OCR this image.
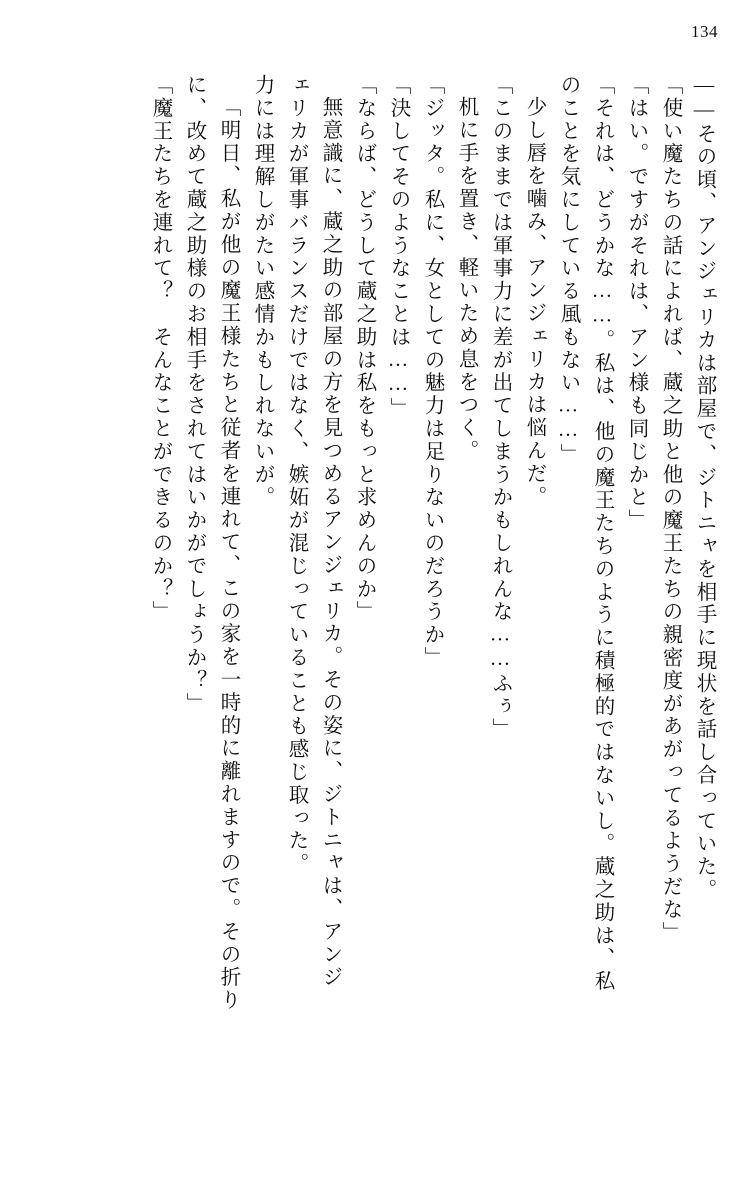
134
――その頃、アンジェリカは部屋で、ジトニャを相手に現状を話し合っていた。
「使い魔たちの話によれば、蔵之助と他の魔王たちの親密度があがってるようだな」
「はい。ですがそれは、アン様も同じかと」
「それは、どうかな……。私は、他の魔王たちのように積極的ではないし。蔵之助は、私
のことを気にしている風もない……」
少し唇を噛み、アンジェリカは悩んだ。
「このままでは軍事力に差が出てしまうかもしれんな……ふぅ」
机に手を置き、軽いため息をつく。
「ジッタ。私に、女としての魅力は足りないのだろうか」
「決してそのようなことは……」
「ならば、どうして蔵之助は私をもっと求めんのか」
無意識に、蔵之助の部屋の方を見つめるアンジェリカ。その姿に、ジトニャは、アンジ
ェリカが軍事バランスだけではなく、嫉妬が混じっていることも感じ取った。
力には理解しがたい感情かもしれないが。
「明日、私が他の魔王様たちと従者を連れて、この家を一時的に離れますので。その折り
に、改めて蔵之助様のお相手をされてはいかがでしょうか？」
「魔王たちを連れて？　そんなことができるのか？」
